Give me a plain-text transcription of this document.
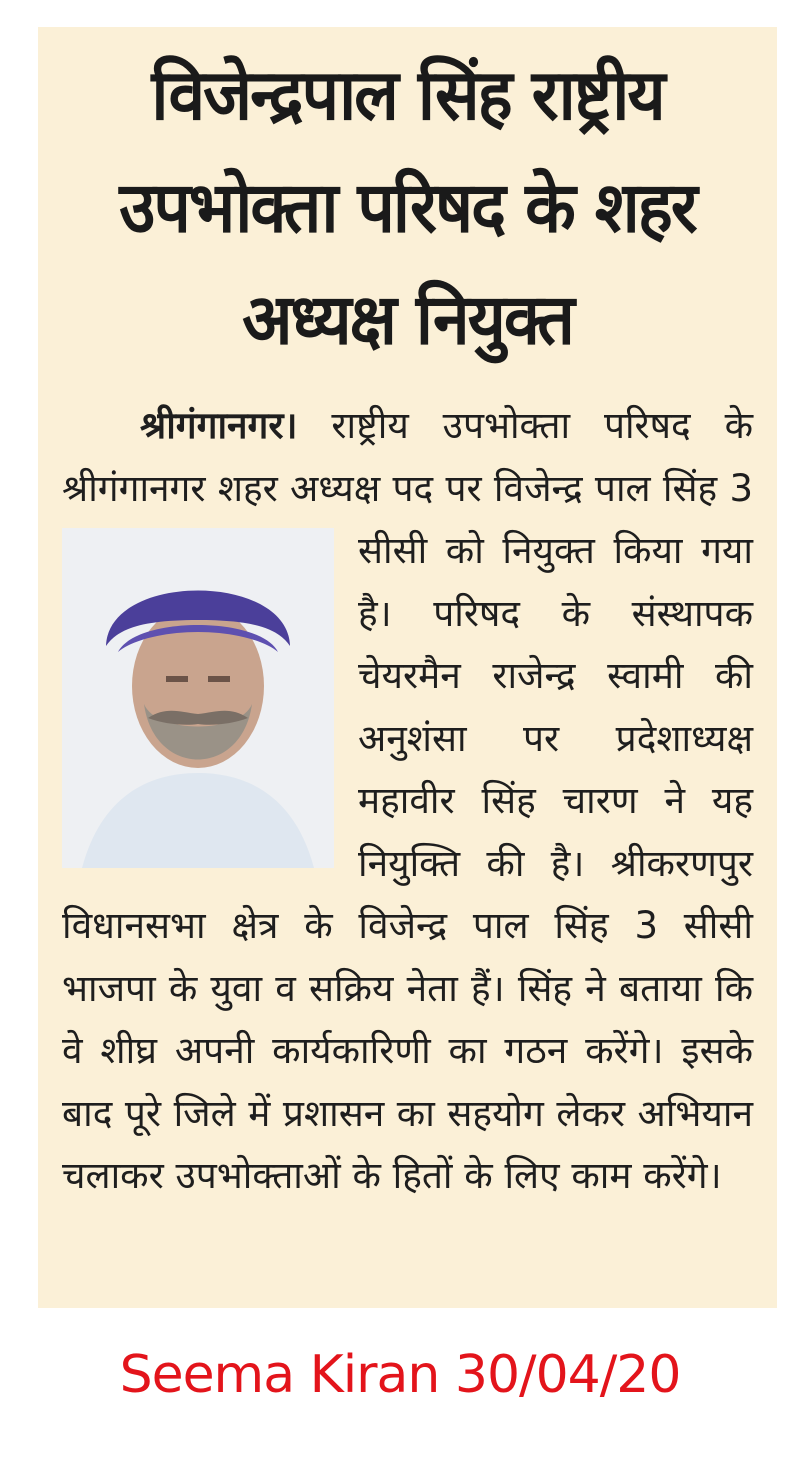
विजेन्द्रपाल सिंह राष्ट्रीय उपभोक्ता परिषद के शहर अध्यक्ष नियुक्त
श्रीगंगानगर। राष्ट्रीय उपभोक्ता परिषद के श्रीगंगानगर शहर अध्यक्ष पद पर विजेन्द्र पाल सिंह 3 सीसी को नियुक्त
किया गया है। परिषद के संस्थापक चेयरमैन राजेन्द्र स्वामी की अनुशंसा पर प्रदेशाध्यक्ष महावीर सिंह चारण ने यह नियुक्ति की है। श्रीकरणपुर विधानसभा क्षेत्र के विजेन्द्र पाल सिंह 3 सीसी भाजपा के युवा व सक्रिय नेता हैं। सिंह ने बताया कि वे शीघ्र अपनी कार्यकारिणी का गठन करेंगे। इसके बाद पूरे जिले में प्रशासन का सहयोग लेकर अभियान चलाकर उपभोक्ताओं के हितों के लिए काम करेंगे।
Seema Kiran 30/04/20
